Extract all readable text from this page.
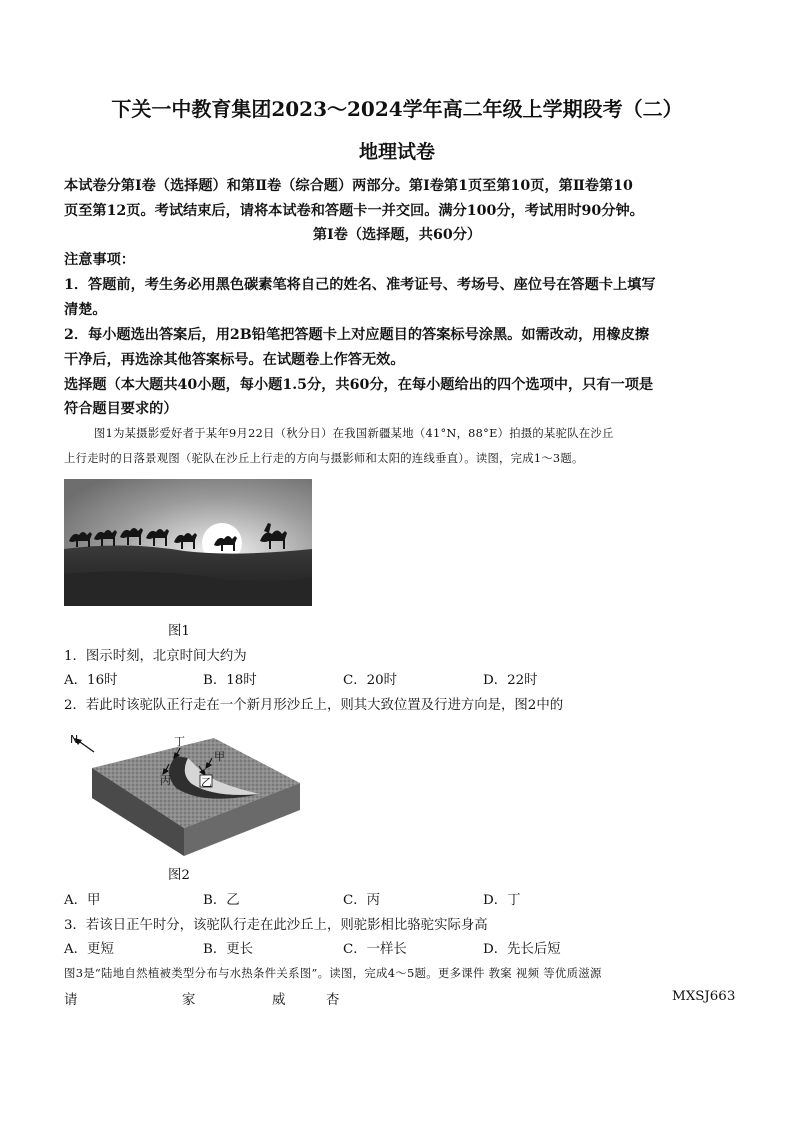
下关一中教育集团2023～2024学年高二年级上学期段考（二）
地理试卷
本试卷分第Ⅰ卷（选择题）和第Ⅱ卷（综合题）两部分。第Ⅰ卷第1页至第10页，第Ⅱ卷第10
页至第12页。考试结束后，请将本试卷和答题卡一并交回。满分100分，考试用时90分钟。
第Ⅰ卷（选择题，共60分）
注意事项：
1．答题前，考生务必用黑色碳素笔将自己的姓名、准考证号、考场号、座位号在答题卡上填写
清楚。
2．每小题选出答案后，用2B铅笔把答题卡上对应题目的答案标号涂黑。如需改动，用橡皮擦
干净后，再选涂其他答案标号。在试题卷上作答无效。
选择题（本大题共40小题，每小题1.5分，共60分，在每小题给出的四个选项中，只有一项是
符合题目要求的）
图1为某摄影爱好者于某年9月22日（秋分日）在我国新疆某地（41°N，88°E）拍摄的某驼队在沙丘
上行走时的日落景观图（驼队在沙丘上行走的方向与摄影师和太阳的连线垂直）。读图，完成1～3题。
图1
1．图示时刻，北京时间大约为
A．16时	B．18时	C．20时	D．22时
2．若此时该驼队正行走在一个新月形沙丘上，则其大致位置及行进方向是，图2中的
N
甲
乙
丙
丁
图2
A．甲	B．乙	C．丙	D．丁
3．若该日正午时分，该驼队行走在此沙丘上，则驼影相比骆驼实际身高
A．更短	B．更长	C．一样长	D．先长后短
图3是“陆地自然植被类型分布与水热条件关系图”。读图，完成4～5题。更多课件 教案 视频 等优质滋源
请	家	威	杏	MXSJ663
